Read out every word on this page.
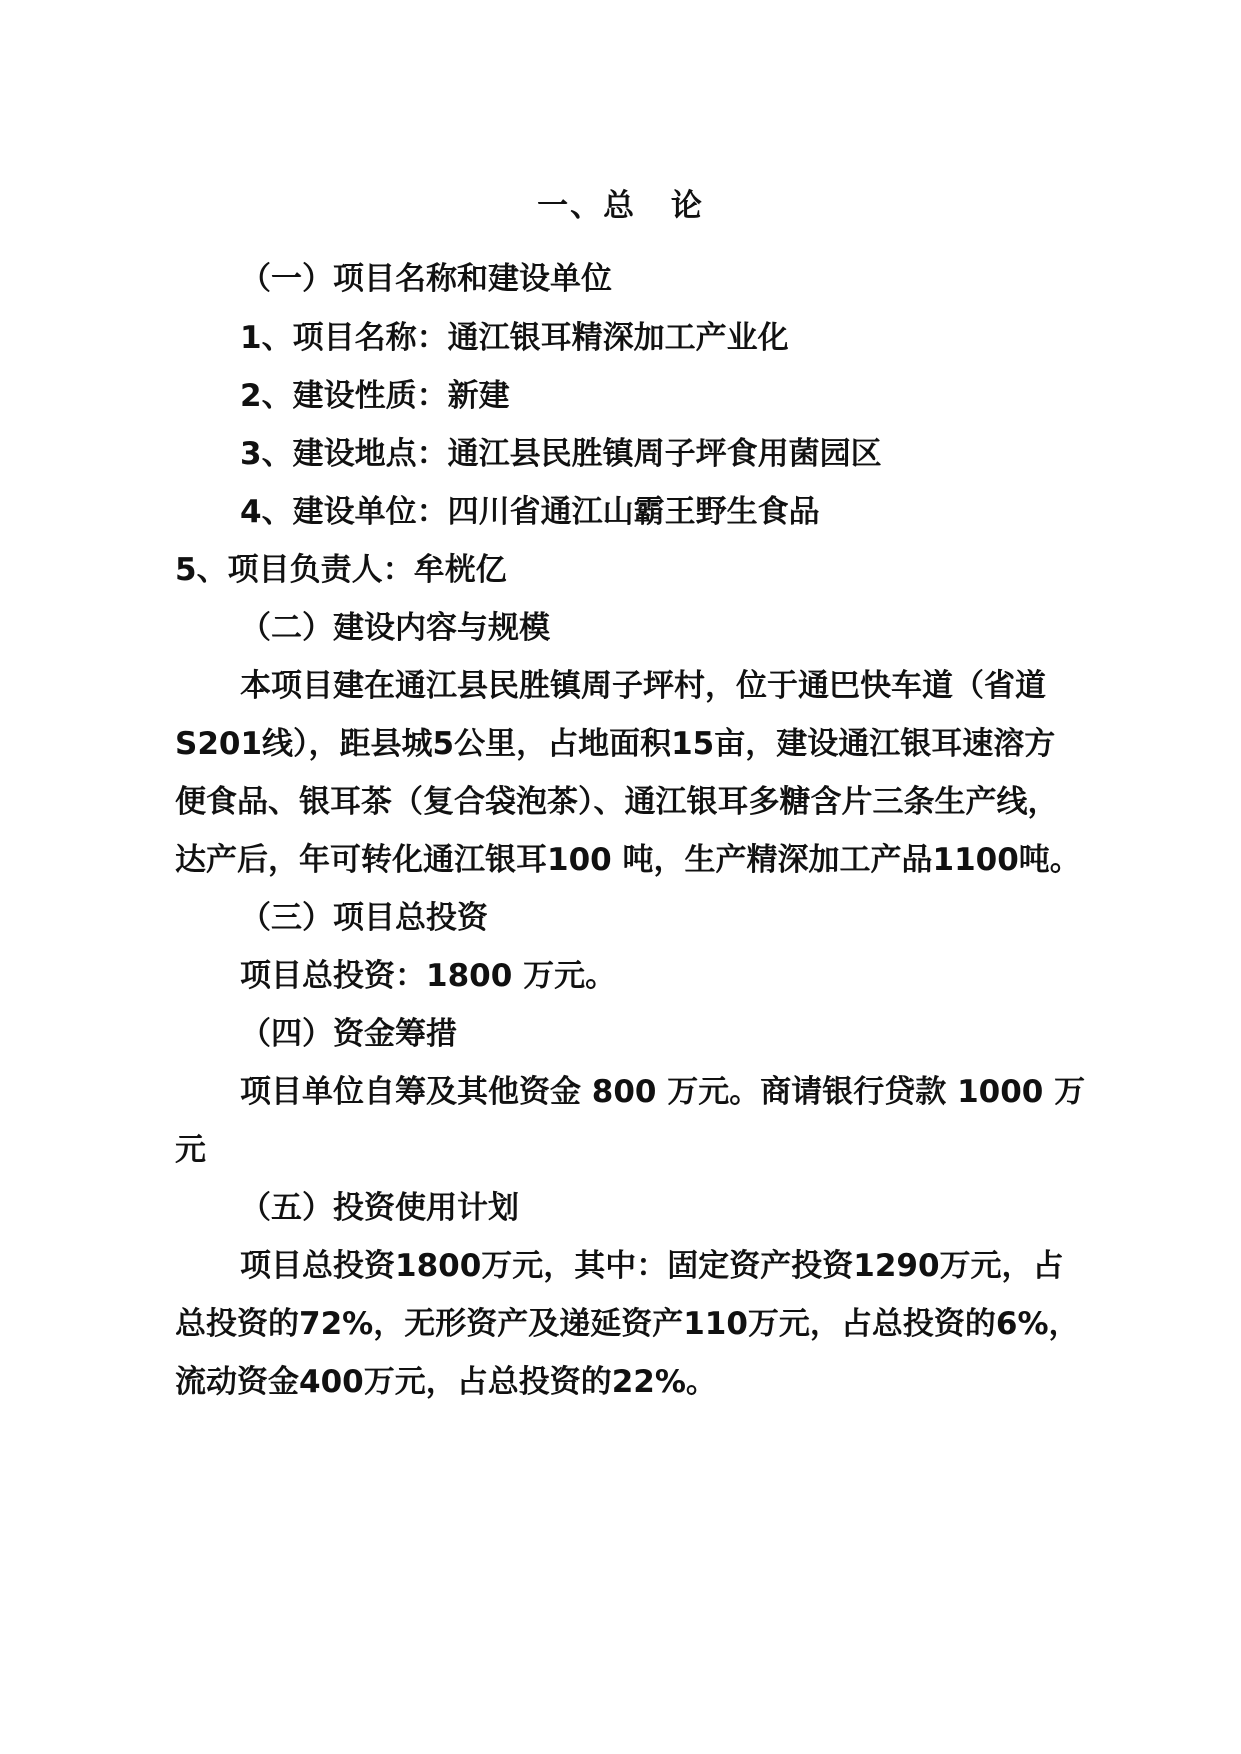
一、总 论
（一）项目名称和建设单位
1、项目名称：通江银耳精深加工产业化
2、建设性质：新建
3、建设地点：通江县民胜镇周子坪食用菌园区
4、建设单位：四川省通江山霸王野生食品
5、项目负责人：牟桄亿
（二）建设内容与规模
本项目建在通江县民胜镇周子坪村，位于通巴快车道（省道
S201线），距县城5公里，占地面积15亩，建设通江银耳速溶方
便食品、银耳茶（复合袋泡茶）、通江银耳多糖含片三条生产线，
达产后，年可转化通江银耳100 吨，生产精深加工产品1100吨。
（三）项目总投资
项目总投资：1800 万元。
（四）资金筹措
项目单位自筹及其他资金 800 万元。商请银行贷款 1000 万
元
（五）投资使用计划
项目总投资1800万元，其中：固定资产投资1290万元，占
总投资的72%，无形资产及递延资产110万元，占总投资的6%，
流动资金400万元，占总投资的22%。
